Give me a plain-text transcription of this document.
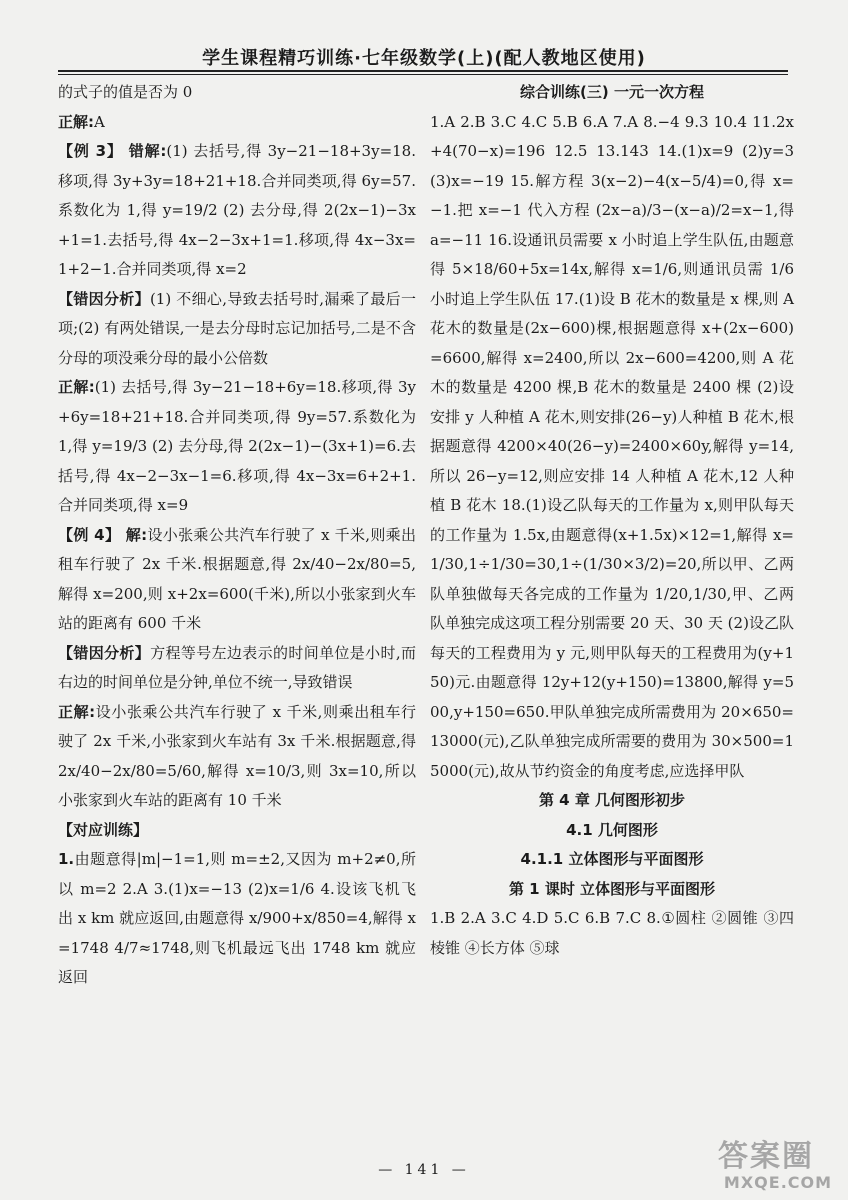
学生课程精巧训练·七年级数学(上)(配人教地区使用)

的式子的值是否为 0

正解:A

【例 3】 错解:(1) 去括号,得 3y−21−18+3y=18.移项,得 3y+3y=18+21+18.合并同类项,得 6y=57.系数化为 1,得 y=19/2 (2) 去分母,得 2(2x−1)−3x+1=1.去括号,得 4x−2−3x+1=1.移项,得 4x−3x=1+2−1.合并同类项,得 x=2

【错因分析】(1) 不细心,导致去括号时,漏乘了最后一项;(2) 有两处错误,一是去分母时忘记加括号,二是不含分母的项没乘分母的最小公倍数

正解:(1) 去括号,得 3y−21−18+6y=18.移项,得 3y+6y=18+21+18.合并同类项,得 9y=57.系数化为 1,得 y=19/3 (2) 去分母,得 2(2x−1)−(3x+1)=6.去括号,得 4x−2−3x−1=6.移项,得 4x−3x=6+2+1.合并同类项,得 x=9

【例 4】 解:设小张乘公共汽车行驶了 x 千米,则乘出租车行驶了 2x 千米.根据题意,得 2x/40−2x/80=5,解得 x=200,则 x+2x=600(千米),所以小张家到火车站的距离有 600 千米

【错因分析】方程等号左边表示的时间单位是小时,而右边的时间单位是分钟,单位不统一,导致错误

正解:设小张乘公共汽车行驶了 x 千米,则乘出租车行驶了 2x 千米,小张家到火车站有 3x 千米.根据题意,得 2x/40−2x/80=5/60,解得 x=10/3,则 3x=10,所以小张家到火车站的距离有 10 千米

【对应训练】

1.由题意得|m|−1=1,则 m=±2,又因为 m+2≠0,所以 m=2 2.A 3.(1)x=−13 (2)x=1/6 4.设该飞机飞出 x km 就应返回,由题意得 x/900+x/850=4,解得 x=1748 4/7≈1748,则飞机最远飞出 1748 km 就应返回

综合训练(三) 一元一次方程

1.A 2.B 3.C 4.C 5.B 6.A 7.A 8.−4 9.3 10.4 11.2x+4(70−x)=196 12.5 13.143 14.(1)x=9 (2)y=3 (3)x=−19 15.解方程 3(x−2)−4(x−5/4)=0,得 x=−1.把 x=−1 代入方程 (2x−a)/3−(x−a)/2=x−1,得 a=−11 16.设通讯员需要 x 小时追上学生队伍,由题意得 5×18/60+5x=14x,解得 x=1/6,则通讯员需 1/6 小时追上学生队伍 17.(1)设 B 花木的数量是 x 棵,则 A 花木的数量是(2x−600)棵,根据题意得 x+(2x−600)=6600,解得 x=2400,所以 2x−600=4200,则 A 花木的数量是 4200 棵,B 花木的数量是 2400 棵 (2)设安排 y 人种植 A 花木,则安排(26−y)人种植 B 花木,根据题意得 4200×40(26−y)=2400×60y,解得 y=14,所以 26−y=12,则应安排 14 人种植 A 花木,12 人种植 B 花木 18.(1)设乙队每天的工作量为 x,则甲队每天的工作量为 1.5x,由题意得(x+1.5x)×12=1,解得 x=1/30,1÷1/30=30,1÷(1/30×3/2)=20,所以甲、乙两队单独做每天各完成的工作量为 1/20,1/30,甲、乙两队单独完成这项工程分别需要 20 天、30 天 (2)设乙队每天的工程费用为 y 元,则甲队每天的工程费用为(y+150)元.由题意得 12y+12(y+150)=13800,解得 y=500,y+150=650.甲队单独完成所需费用为 20×650=13000(元),乙队单独完成所需要的费用为 30×500=15000(元),故从节约资金的角度考虑,应选择甲队

第 4 章 几何图形初步

4.1 几何图形

4.1.1 立体图形与平面图形

第 1 课时 立体图形与平面图形

1.B 2.A 3.C 4.D 5.C 6.B 7.C 8.①圆柱 ②圆锥 ③四棱锥 ④长方体 ⑤球

— 141 —	答案圈
MXQE.COM
